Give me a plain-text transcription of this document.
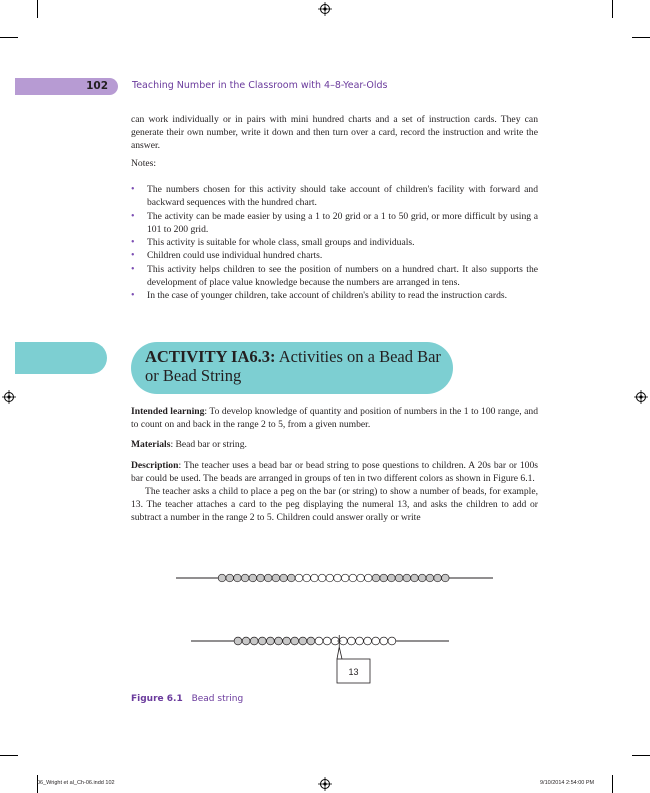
102	Teaching Number in the Classroom with 4–8-Year-Olds

can work individually or in pairs with mini hundred charts and a set of instruction cards. They can generate their own number, write it down and then turn over a card, record the instruction and write the answer.

Notes:
• The numbers chosen for this activity should take account of children's facility with forward and backward sequences with the hundred chart.
• The activity can be made easier by using a 1 to 20 grid or a 1 to 50 grid, or more difficult by using a 101 to 200 grid.
• This activity is suitable for whole class, small groups and individuals.
• Children could use individual hundred charts.
• This activity helps children to see the position of numbers on a hundred chart. It also supports the development of place value knowledge because the numbers are arranged in tens.
• In the case of younger children, take account of children's ability to read the instruction cards.
ACTIVITY IA6.3: Activities on a Bead Bar or Bead String

Intended learning: To develop knowledge of quantity and position of numbers in the 1 to 100 range, and to count on and back in the range 2 to 5, from a given number.

Materials: Bead bar or string.

Description: The teacher uses a bead bar or bead string to pose questions to children. A 20s bar or 100s bar could be used. The beads are arranged in groups of ten in two different colors as shown in Figure 6.1.

The teacher asks a child to place a peg on the bar (or string) to show a number of beads, for example, 13. The teacher attaches a card to the peg displaying the numeral 13, and asks the children to add or subtract a number in the range 2 to 5. Children could answer orally or write

13
Figure 6.1 Bead string
06_Wright et al_Ch-06.indd 102	9/10/2014 2:54:00 PM
